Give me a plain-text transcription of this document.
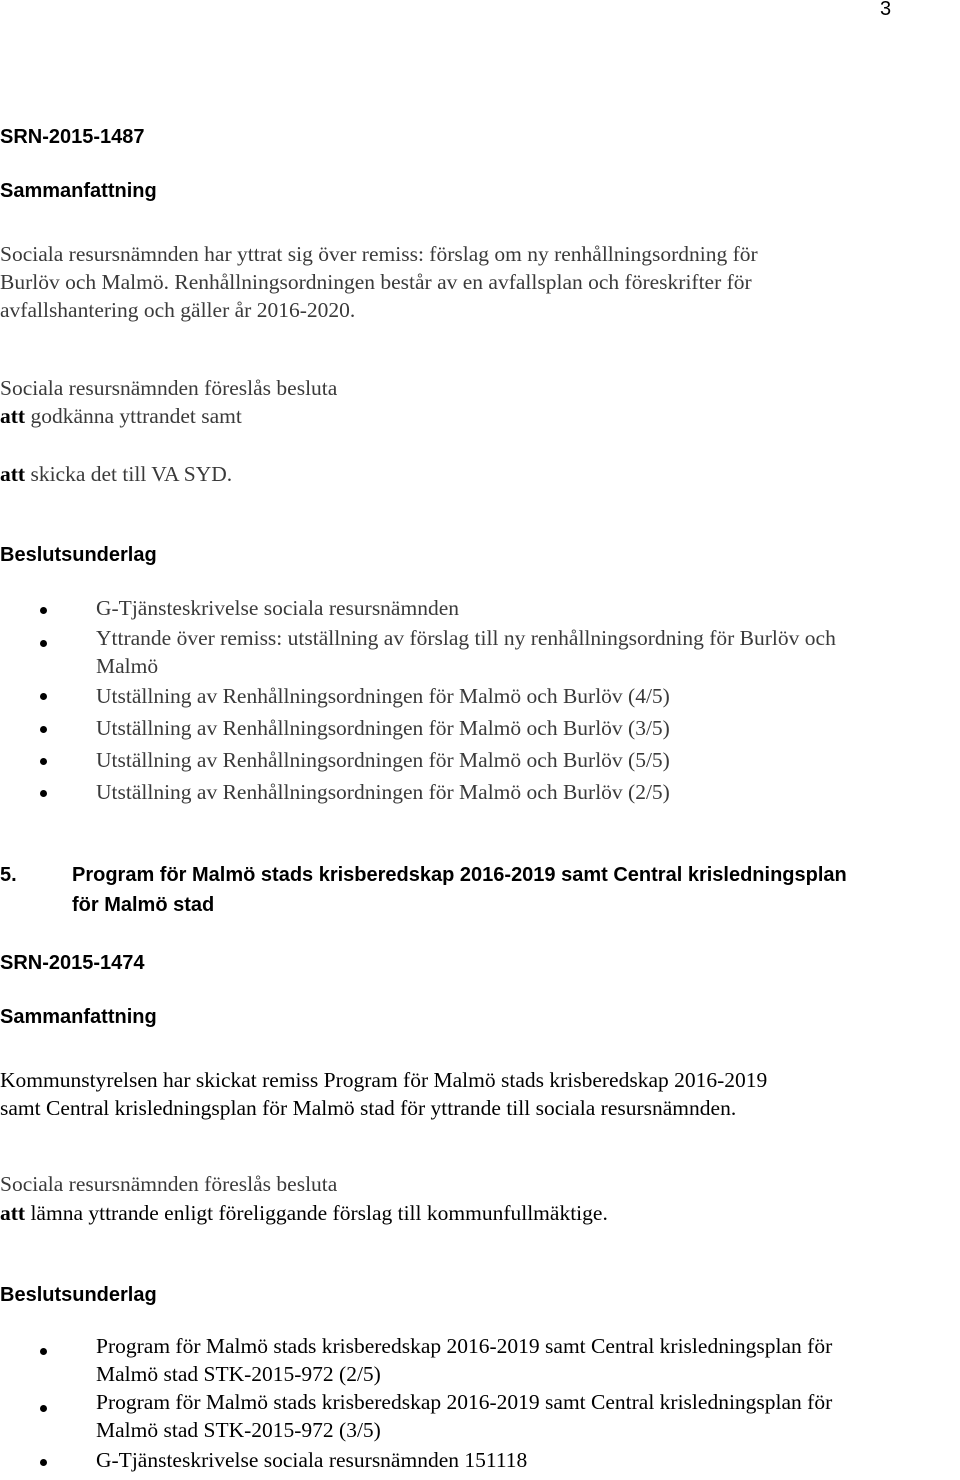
3
SRN-2015-1487
Sammanfattning
Sociala resursnämnden har yttrat sig över remiss: förslag om ny renhållningsordning för
Burlöv och Malmö. Renhållningsordningen består av en avfallsplan och föreskrifter för
avfallshantering och gäller år 2016-2020.
Sociala resursnämnden föreslås besluta
att godkänna yttrandet samt
att skicka det till VA SYD.
Beslutsunderlag
G-Tjänsteskrivelse sociala resursnämnden
Yttrande över remiss: utställning av förslag till ny renhållningsordning för Burlöv och
Malmö
Utställning av Renhållningsordningen för Malmö och Burlöv (4/5)
Utställning av Renhållningsordningen för Malmö och Burlöv (3/5)
Utställning av Renhållningsordningen för Malmö och Burlöv (5/5)
Utställning av Renhållningsordningen för Malmö och Burlöv (2/5)
5.	Program för Malmö stads krisberedskap 2016-2019 samt Central krisledningsplan
för Malmö stad
SRN-2015-1474
Sammanfattning
Kommunstyrelsen har skickat remiss Program för Malmö stads krisberedskap 2016-2019
samt Central krisledningsplan för Malmö stad för yttrande till sociala resursnämnden.
Sociala resursnämnden föreslås besluta
att lämna yttrande enligt föreliggande förslag till kommunfullmäktige.
Beslutsunderlag
Program för Malmö stads krisberedskap 2016-2019 samt Central krisledningsplan för
Malmö stad STK-2015-972 (2/5)
Program för Malmö stads krisberedskap 2016-2019 samt Central krisledningsplan för
Malmö stad STK-2015-972 (3/5)
G-Tjänsteskrivelse sociala resursnämnden 151118
